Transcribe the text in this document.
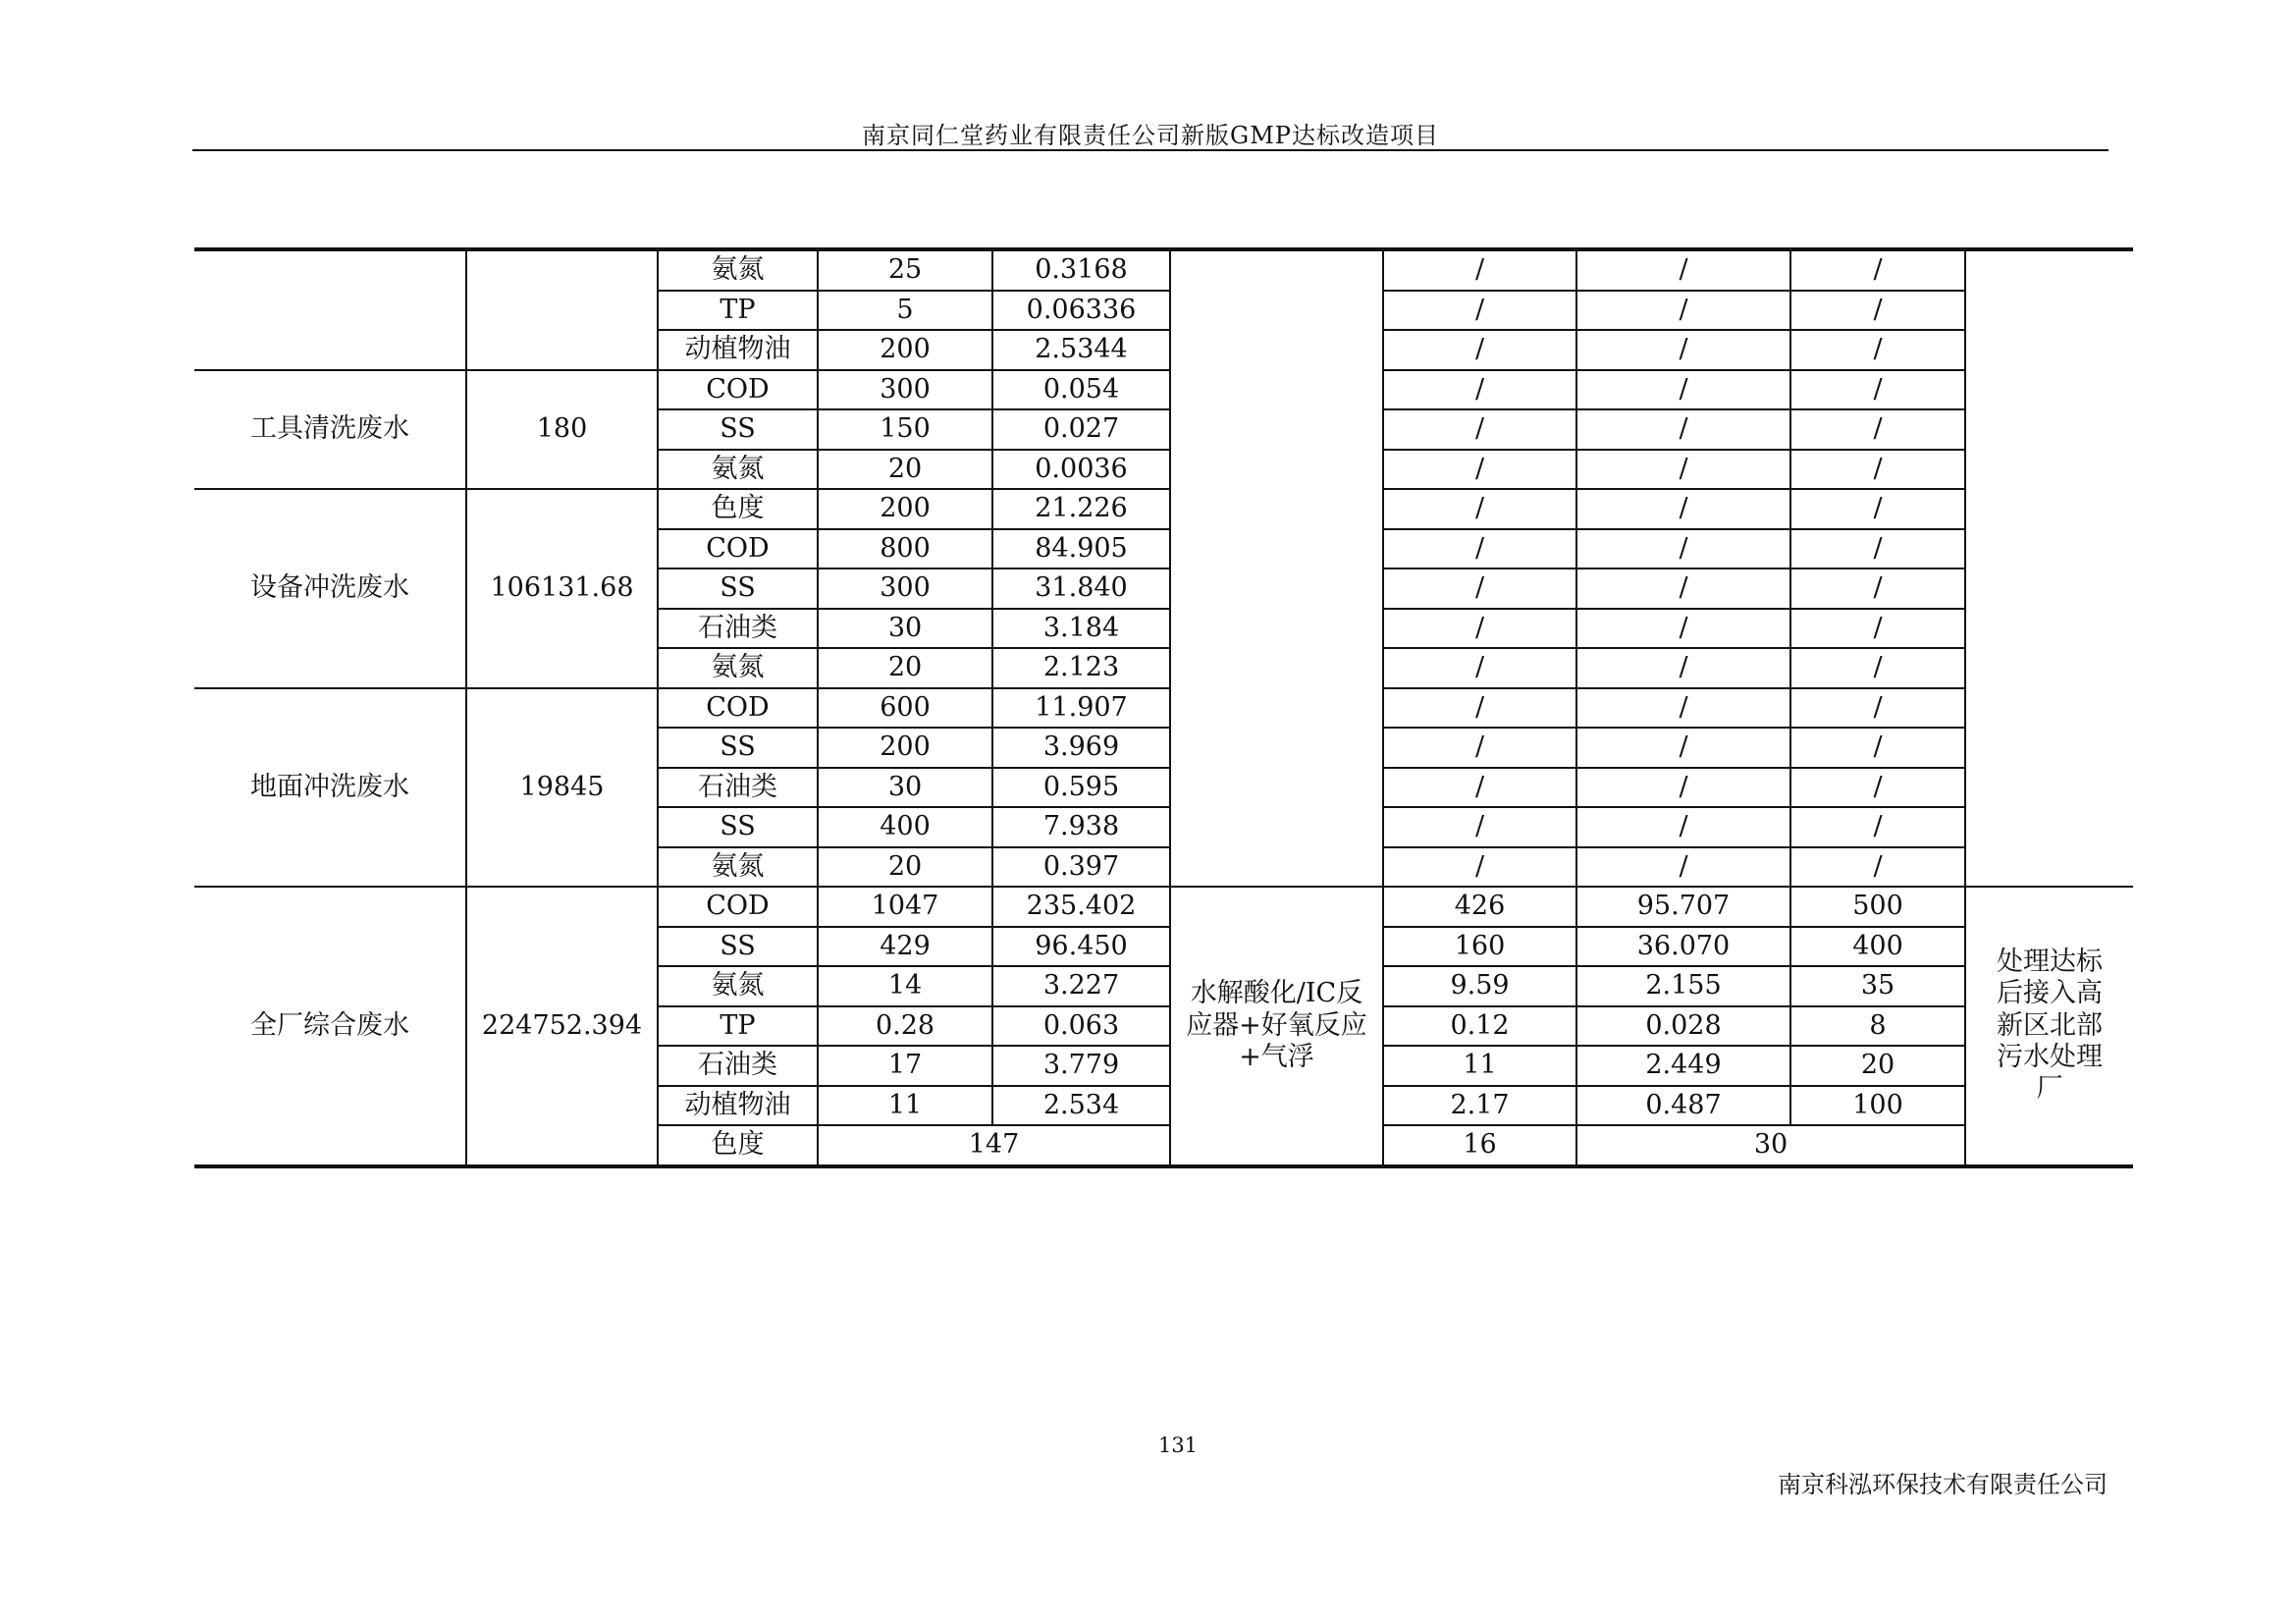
南京同仁堂药业有限责任公司新版GMP达标改造项目
		氨氮	25	0.3168		/	/	/	
		TP	5	0.06336		/	/	/	
		动植物油	200	2.5344		/	/	/	
工具清洗废水	180	COD	300	0.054		/	/	/	
		SS	150	0.027		/	/	/	
		氨氮	20	0.0036		/	/	/	
设备冲洗废水	106131.68	色度	200	21.226		/	/	/	
		COD	800	84.905		/	/	/	
		SS	300	31.840		/	/	/	
		石油类	30	3.184		/	/	/	
		氨氮	20	2.123		/	/	/	
地面冲洗废水	19845	COD	600	11.907		/	/	/	
		SS	200	3.969		/	/	/	
		石油类	30	0.595		/	/	/	
		SS	400	7.938		/	/	/	
		氨氮	20	0.397		/	/	/	
全厂综合废水	224752.394	COD	1047	235.402	水解酸化/IC反应器+好氧反应+气浮	426	95.707	500	处理达标后接入高新区北部污水处理厂
		SS	429	96.450		160	36.070	400	
		氨氮	14	3.227		9.59	2.155	35	
		TP	0.28	0.063		0.12	0.028	8	
		石油类	17	3.779		11	2.449	20	
		动植物油	11	2.534		2.17	0.487	100	
		色度	147			16	30		
131
南京科泓环保技术有限责任公司
